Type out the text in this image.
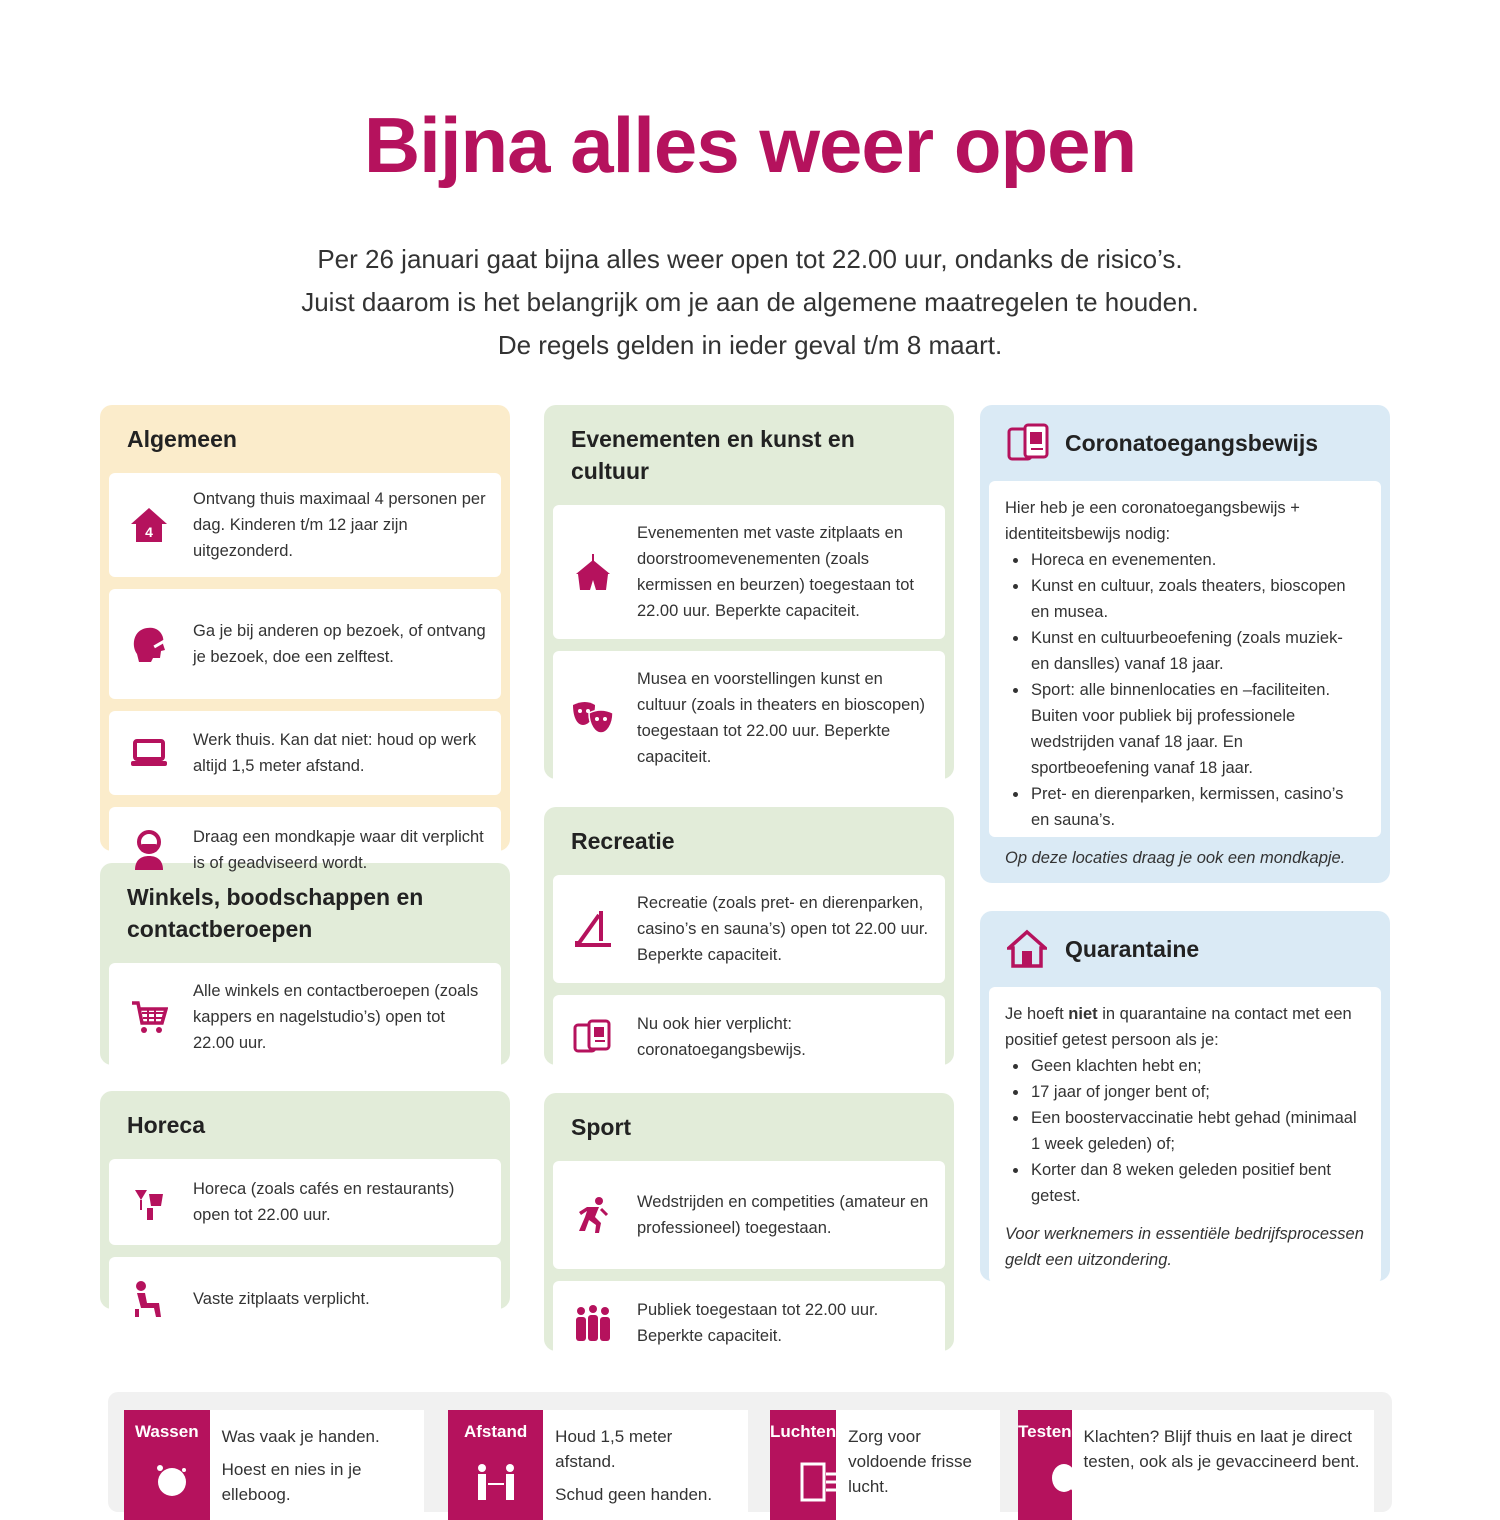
Bijna alles weer open
Per 26 januari gaat bijna alles weer open tot 22.00 uur, ondanks de risico’s.
Juist daarom is het belangrijk om je aan de algemene maatregelen te houden.
De regels gelden in ieder geval t/m 8 maart.
Algemeen
4
Ontvang thuis maximaal 4 personen per dag. Kinderen t/m 12 jaar zijn uitgezonderd.
Ga je bij anderen op bezoek, of ontvang je bezoek, doe een zelftest.
Werk thuis. Kan dat niet: houd op werk altijd 1,5 meter afstand.
Draag een mondkapje waar dit verplicht is of geadviseerd wordt.
Winkels, boodschappen en contactberoepen
Alle winkels en contactberoepen (zoals kappers en nagelstudio’s) open tot 22.00 uur.
Horeca
Horeca (zoals cafés en restaurants) open tot 22.00 uur.
Vaste zitplaats verplicht.
Evenementen en kunst en cultuur
Evenementen met vaste zitplaats en doorstroomevenementen (zoals kermissen en beurzen) toegestaan tot 22.00 uur. Beperkte capaciteit.
Musea en voorstellingen kunst en cultuur (zoals in theaters en bioscopen) toegestaan tot 22.00 uur. Beperkte capaciteit.
Recreatie
Recreatie (zoals pret- en dierenparken, casino’s en sauna’s) open tot 22.00 uur. Beperkte capaciteit.
Nu ook hier verplicht: coronatoegangsbewijs.
Sport
Wedstrijden en competities (amateur en professioneel) toegestaan.
Publiek toegestaan tot 22.00 uur. Beperkte capaciteit.
Coronatoegangsbewijs
Hier heb je een coronatoegangsbewijs + identiteitsbewijs nodig:
• Horeca en evenementen.
• Kunst en cultuur, zoals theaters, bioscopen en musea.
• Kunst en cultuurbeoefening (zoals muziek- en danslles) vanaf 18 jaar.
• Sport: alle binnenlocaties en –faciliteiten. Buiten voor publiek bij professionele wedstrijden vanaf 18 jaar. En sportbeoefening vanaf 18 jaar.
• Pret- en dierenparken, kermissen, casino’s en sauna’s.
Op deze locaties draag je ook een mondkapje.
Quarantaine
Je hoeft niet in quarantaine na contact met een positief getest persoon als je:
• Geen klachten hebt en;
• 17 jaar of jonger bent of;
• Een boostervaccinatie hebt gehad (minimaal 1 week geleden) of;
• Korter dan 8 weken geleden positief bent getest.
Voor werknemers in essentiële bedrijfsprocessen geldt een uitzondering.
Wassen	Was vaak je handen.
Hoest en nies in je elleboog.
Afstand	Houd 1,5 meter afstand.
Schud geen handen.
Luchten Zorg voor voldoende frisse lucht.
Testen Klachten? Blijf thuis en laat je direct testen, ook als je gevaccineerd bent.
